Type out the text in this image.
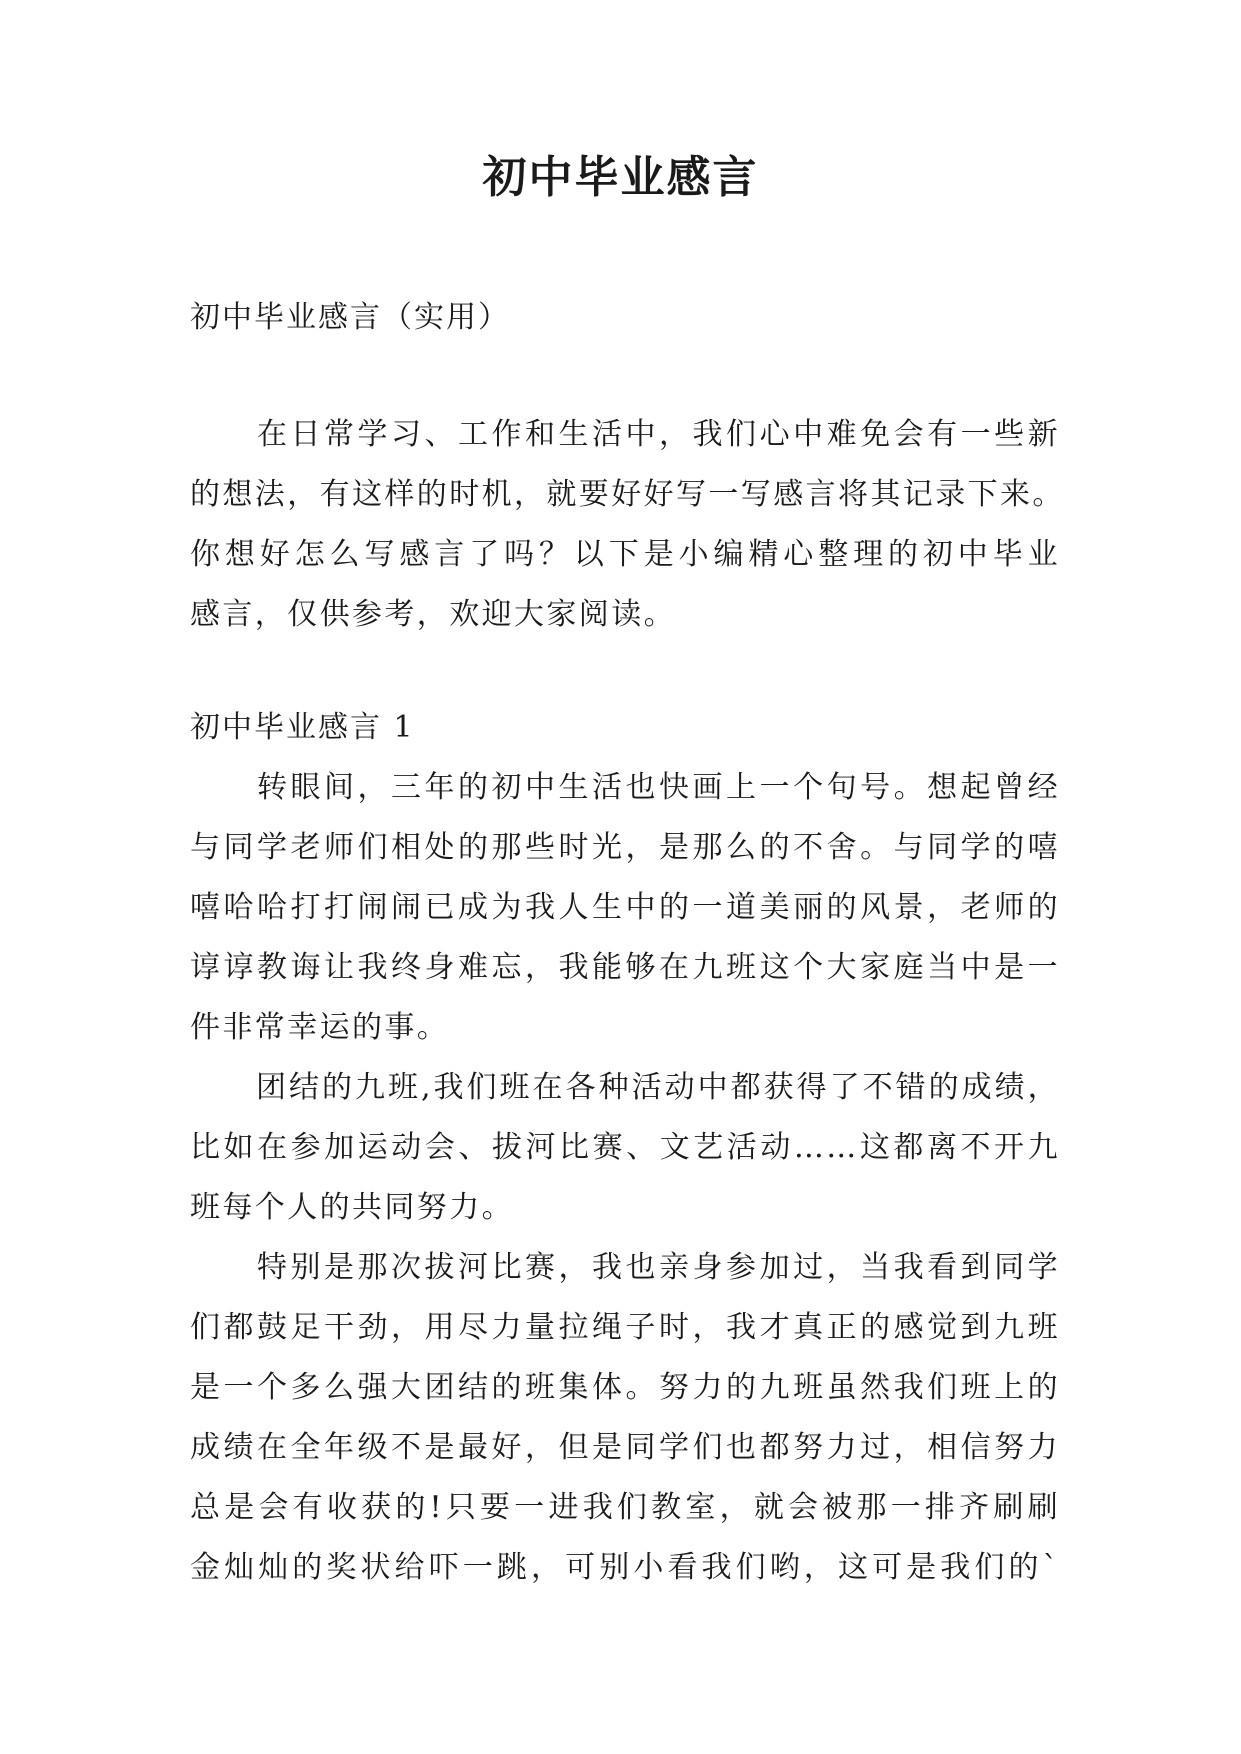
初中毕业感言
初中毕业感言（实用）
　　在日常学习、工作和生活中，我们心中难免会有一些新
的想法，有这样的时机，就要好好写一写感言将其记录下来。
你想好怎么写感言了吗？以下是小编精心整理的初中毕业
感言，仅供参考，欢迎大家阅读。
初中毕业感言 1
　　转眼间，三年的初中生活也快画上一个句号。想起曾经
与同学老师们相处的那些时光，是那么的不舍。与同学的嘻
嘻哈哈打打闹闹已成为我人生中的一道美丽的风景，老师的
谆谆教诲让我终身难忘，我能够在九班这个大家庭当中是一
件非常幸运的事。
　　团结的九班,我们班在各种活动中都获得了不错的成绩，
比如在参加运动会、拔河比赛、文艺活动……这都离不开九
班每个人的共同努力。
　　特别是那次拔河比赛，我也亲身参加过，当我看到同学
们都鼓足干劲，用尽力量拉绳子时，我才真正的感觉到九班
是一个多么强大团结的班集体。努力的九班虽然我们班上的
成绩在全年级不是最好，但是同学们也都努力过，相信努力
总是会有收获的!只要一进我们教室，就会被那一排齐刷刷
金灿灿的奖状给吓一跳，可别小看我们哟，这可是我们的`
